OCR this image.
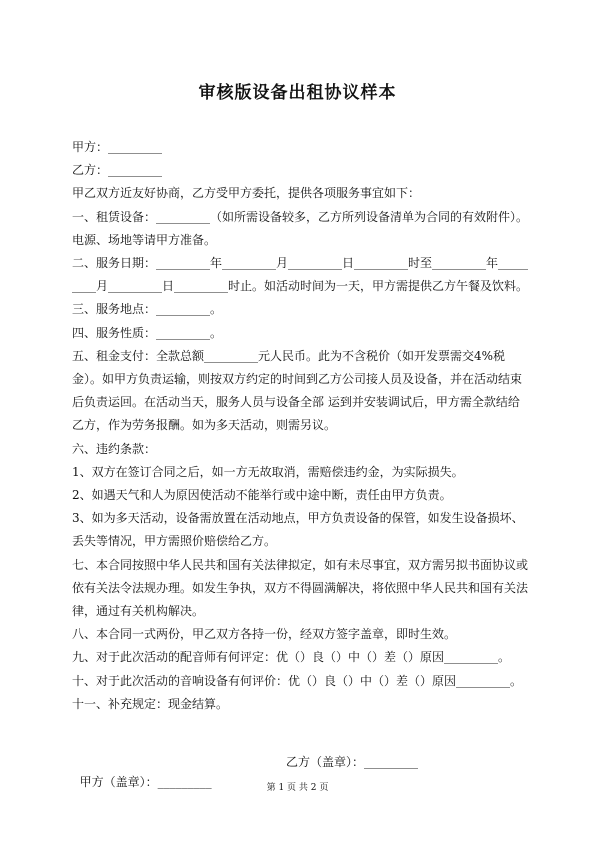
审核版设备出租协议样本

甲方：_________

乙方：_________

甲乙双方近友好协商，乙方受甲方委托，提供各项服务事宜如下：

一、租赁设备：_________（如所需设备较多，乙方所列设备清单为合同的有效附件）。电源、场地等请甲方准备。

二、服务日期：_________年_________月_________日_________时至_________年_________月_________日_________时止。如活动时间为一天，甲方需提供乙方午餐及饮料。

三、服务地点：_________。

四、服务性质：_________。

五、租金支付：全款总额_________元人民币。此为不含税价（如开发票需交4%税金）。如甲方负责运输，则按双方约定的时间到乙方公司接人员及设备，并在活动结束后负责运回。在活动当天，服务人员与设备全部 运到并安装调试后，甲方需全款结给乙方，作为劳务报酬。如为多天活动，则需另议。

六、违约条款：

1、双方在签订合同之后，如一方无故取消，需赔偿违约金，为实际损失。

2、如遇天气和人为原因使活动不能举行或中途中断，责任由甲方负责。

3、如为多天活动，设备需放置在活动地点，甲方负责设备的保管，如发生设备损坏、丢失等情况，甲方需照价赔偿给乙方。

七、本合同按照中华人民共和国有关法律拟定，如有未尽事宜，双方需另拟书面协议或依有关法令法规办理。如发生争执，双方不得圆满解决，将依照中华人民共和国有关法律，通过有关机构解决。

八、本合同一式两份，甲乙双方各持一份，经双方签字盖章，即时生效。

九、对于此次活动的配音师有何评定：优（）良（）中（）差（）原因_________。

十、对于此次活动的音响设备有何评价：优（）良（）中（）差（）原因_________。

十一、补充规定：现金结算。

甲方（盖章）：_________

乙方（盖章）：_________

第 1 页 共 2 页
